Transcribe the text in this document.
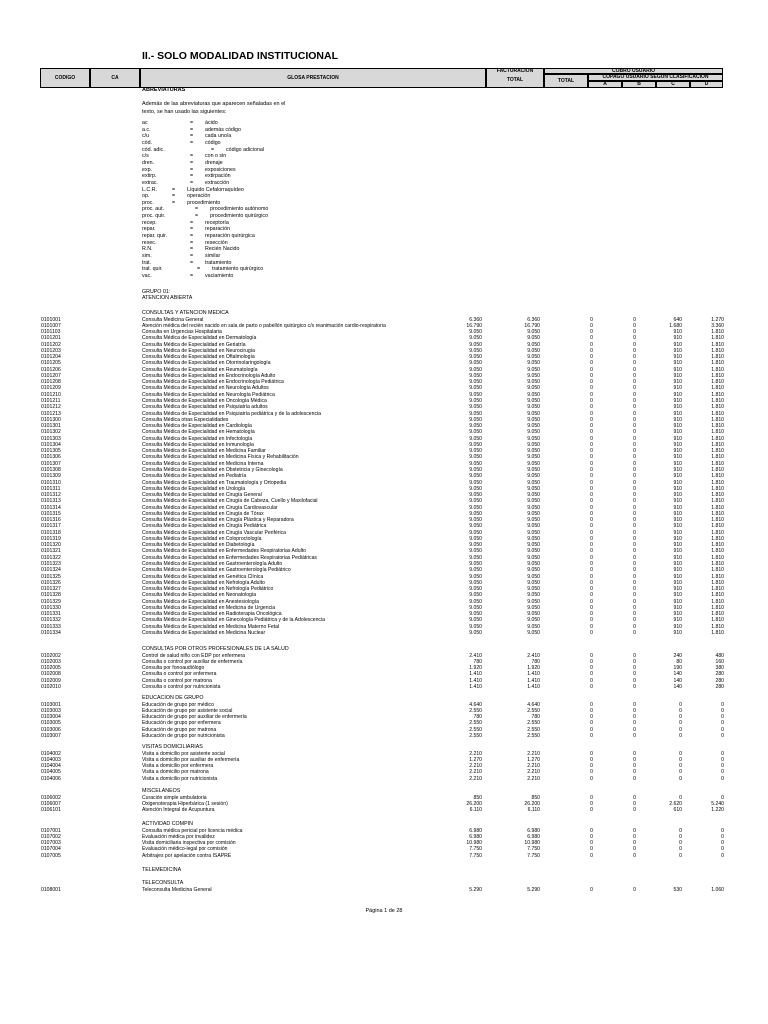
II.- SOLO MODALIDAD INSTITUCIONAL
CODIGO	CA	GLOSA PRESTACION
FACTURACION
TOTAL	TOTAL
COBRO USUARIO
COPAGO USUARIO SEGUN CLASIFICACION
A	B	C	D
ABREVIATURAS
Además de las abreviaturas que aparecen señaladas en el
texto, se han usado las siguientes:
ac	= ácido
a.c.	= además código
c/u	= cada uno/a
cód.	= código
cód. adic.	= código adicional
c/s	= con o sin
dren.	= drenaje
exp.	= exposiciones
extirp.	= extirpación
extrac.	= extracción
L.C.R.	= Líquido Cefalorraquídeo
op.	= operación
proc.	= procedimiento
proc. aut.	= procedimiento autónomo
proc. quir.	= procedimiento quirúrgico
recep.	= receptoría
repar.	= reparación
repar. quir.	= reparación quirúrgica
resec.	= resección
R.N.	= Recién Nacido
sim.	= similar
trat.	= tratamiento
trat. quir.	= tratamiento quirúrgico
vac.	= vaciamiento
GRUPO 01:
ATENCION ABIERTA
CONSULTAS Y ATENCION MEDICA
0101001	Consulta Medicina General	6.360	6.360	0	0	640	1.270
0101007	Atención médica del recién nacido en sala de parto o pabellón quirúrgico c/s reanimación cardio-respiratoria	16.790	16.790	0	0	1.680	3.360
0101103	Consulta en Urgencias Hospitalaria	9.050	9.050	0	0	910	1.810
0101201	Consulta Médica de Especialidad en Dermatología	9.050	9.050	0	0	910	1.810
0101202	Consulta Médica de Especialidad en Geriatría	9.050	9.050	0	0	910	1.810
0101203	Consulta Médica de Especialidad en Neurocirugía	9.050	9.050	0	0	910	1.810
0101204	Consulta Médica de Especialidad en Oftalmología	9.050	9.050	0	0	910	1.810
0101205	Consulta Médica de Especialidad en Otorrinolaringología	9.050	9.050	0	0	910	1.810
0101206	Consulta Médica de Especialidad en Reumatología	9.050	9.050	0	0	910	1.810
0101207	Consulta Médica de Especialidad en Endocrinología Adulto	9.050	9.050	0	0	910	1.810
0101208	Consulta Médica de Especialidad en Endocrinología Pediátrica	9.050	9.050	0	0	910	1.810
0101209	Consulta Médica de Especialidad en Neurología Adultos	9.050	9.050	0	0	910	1.810
0101210	Consulta Médica de Especialidad en Neurología Pediátrica	9.050	9.050	0	0	910	1.810
0101211	Consulta Médica de Especialidad en Oncología Médica	9.050	9.050	0	0	910	1.810
0101212	Consulta Médica de Especialidad en Psiquiatría adultos	9.050	9.050	0	0	910	1.810
0101213	Consulta Médica de Especialidad en Psiquiatría pediátrica y de la adolescencia	9.050	9.050	0	0	910	1.810
0101300	Consulta Médica otras Especialidades	9.050	9.050	0	0	910	1.810
0101301	Consulta Médica de Especialidad en Cardiología	9.050	9.050	0	0	910	1.810
0101302	Consulta Médica de Especialidad en Hematología	9.050	9.050	0	0	910	1.810
0101303	Consulta Médica de Especialidad en Infectología	9.050	9.050	0	0	910	1.810
0101304	Consulta Médica de Especialidad en Inmunología	9.050	9.050	0	0	910	1.810
0101305	Consulta Médica de Especialidad en Medicina Familiar	9.050	9.050	0	0	910	1.810
0101306	Consulta Médica de Especialidad en Medicina Física y Rehabilitación	9.050	9.050	0	0	910	1.810
0101307	Consulta Médica de Especialidad en Medicina Interna	9.050	9.050	0	0	910	1.810
0101308	Consulta Médica de Especialidad en Obstetricia y Ginecología	9.050	9.050	0	0	910	1.810
0101309	Consulta Médica de Especialidad en Pediatría	9.050	9.050	0	0	910	1.810
0101310	Consulta Médica de Especialidad en Traumatología y Ortopedia	9.050	9.050	0	0	910	1.810
0101311	Consulta Médica de Especialidad en Urología	9.050	9.050	0	0	910	1.810
0101312	Consulta Médica de Especialidad en Cirugía General	9.050	9.050	0	0	910	1.810
0101313	Consulta Médica de Especialidad en Cirugía de Cabeza, Cuello y Maxilofacial	9.050	9.050	0	0	910	1.810
0101314	Consulta Médica de Especialidad en Cirugía Cardiovascular	9.050	9.050	0	0	910	1.810
0101315	Consulta Médica de Especialidad en Cirugía de Tórax	9.050	9.050	0	0	910	1.810
0101316	Consulta Médica de Especialidad en Cirugía Plástica y Reparadora	9.050	9.050	0	0	910	1.810
0101317	Consulta Médica de Especialidad en Cirugía Pediátrica	9.050	9.050	0	0	910	1.810
0101318	Consulta Médica de Especialidad en Cirugía Vascular Periférica	9.050	9.050	0	0	910	1.810
0101319	Consulta Médica de Especialidad en Coloproctología	9.050	9.050	0	0	910	1.810
0101320	Consulta Médica de Especialidad en Diabetología	9.050	9.050	0	0	910	1.810
0101321	Consulta Médica de Especialidad en Enfermedades Respiratorias Adulto	9.050	9.050	0	0	910	1.810
0101322	Consulta Médica de Especialidad en Enfermedades Respiratorias Pediátricas	9.050	9.050	0	0	910	1.810
0101323	Consulta Médica de Especialidad en Gastroenterología Adulto	9.050	9.050	0	0	910	1.810
0101324	Consulta Médica de Especialidad en Gastroenterología Pediátrico	9.050	9.050	0	0	910	1.810
0101325	Consulta Médica de Especialidad en Genética Clínica	9.050	9.050	0	0	910	1.810
0101326	Consulta Médica de Especialidad en Nefrología Adulto	9.050	9.050	0	0	910	1.810
0101327	Consulta Médica de Especialidad en Nefrología Pediátrico	9.050	9.050	0	0	910	1.810
0101328	Consulta Médica de Especialidad en Neonatología	9.050	9.050	0	0	910	1.810
0101329	Consulta Médica de Especialidad en Anestesiología	9.050	9.050	0	0	910	1.810
0101330	Consulta Médica de Especialidad en Medicina de Urgencia	9.050	9.050	0	0	910	1.810
0101331	Consulta Médica de Especialidad en Radioterapia Oncológica	9.050	9.050	0	0	910	1.810
0101332	Consulta Médica de Especialidad en Ginecología Pediátrica y de la Adolescencia	9.050	9.050	0	0	910	1.810
0101333	Consulta Médica de Especialidad en Medicina Materno Fetal	9.050	9.050	0	0	910	1.810
0101334	Consulta Médica de Especialidad en Medicina Nuclear	9.050	9.050	0	0	910	1.810
CONSULTAS POR OTROS PROFESIONALES DE LA SALUD
0102002	Control de salud niño con EDP por enfermera	2.410	2.410	0	0	240	480
0102003	Consulta o control por auxiliar de enfermería	780	780	0	0	80	160
0102005	Consulta por fonoaudiólogo	1.920	1.920	0	0	190	380
0102008	Consulta o control por enfermera	1.410	1.410	0	0	140	280
0102009	Consulta o control por matrona	1.410	1.410	0	0	140	280
0102010	Consulta o control por nutricionista	1.410	1.410	0	0	140	280
EDUCACION DE GRUPO
0103001	Educación de grupo por médico	4.640	4.640	0	0	0	0
0103003	Educación de grupo por asistente social	2.550	2.550	0	0	0	0
0103004	Educación de grupo por auxiliar de enfermería	780	780	0	0	0	0
0103005	Educación de grupo por enfermera	2.550	2.550	0	0	0	0
0103006	Educación de grupo por matrona	2.550	2.550	0	0	0	0
0103007	Educación de grupo por nutricionista	2.550	2.550	0	0	0	0
VISITAS DOMICILIARIAS
0104002	Visita a domicilio por asistente social	2.210	2.210	0	0	0	0
0104003	Visita a domicilio por auxiliar de enfermería	1.270	1.270	0	0	0	0
0104004	Visita a domicilio por enfermera	2.210	2.210	0	0	0	0
0104005	Visita a domicilio por matrona	2.210	2.210	0	0	0	0
0104006	Visita a domicilio por nutricionista	2.210	2.210	0	0	0	0
MISCELANEOS
0106002	Curación simple ambulatoria	850	850	0	0	0	0
0106007	Oxigenoterapia Hiperbárica (1 sesión)	26.200	26.200	0	0	2.620	5.240
0106101	Atención Integral de Acupuntura	6.110	6.110	0	0	610	1.220
ACTIVIDAD COMPIN
0107001	Consulta médica pericial por licencia médica	6.980	6.980	0	0	0	0
0107002	Evaluación médica por invalidez	6.980	6.980	0	0	0	0
0107003	Visita domiciliaria inspectiva por comisión	10.980	10.980	0	0	0	0
0107004	Evaluación médico-legal por comisión	7.750	7.750	0	0	0	0
0107005	Arbitrajes por apelación contra ISAPRE	7.750	7.750	0	0	0	0
TELEMEDICINA
TELECONSULTA
0108001	Teleconsulta Medicina General	5.290	5.290	0	0	530	1.060
Página 1 de 28
